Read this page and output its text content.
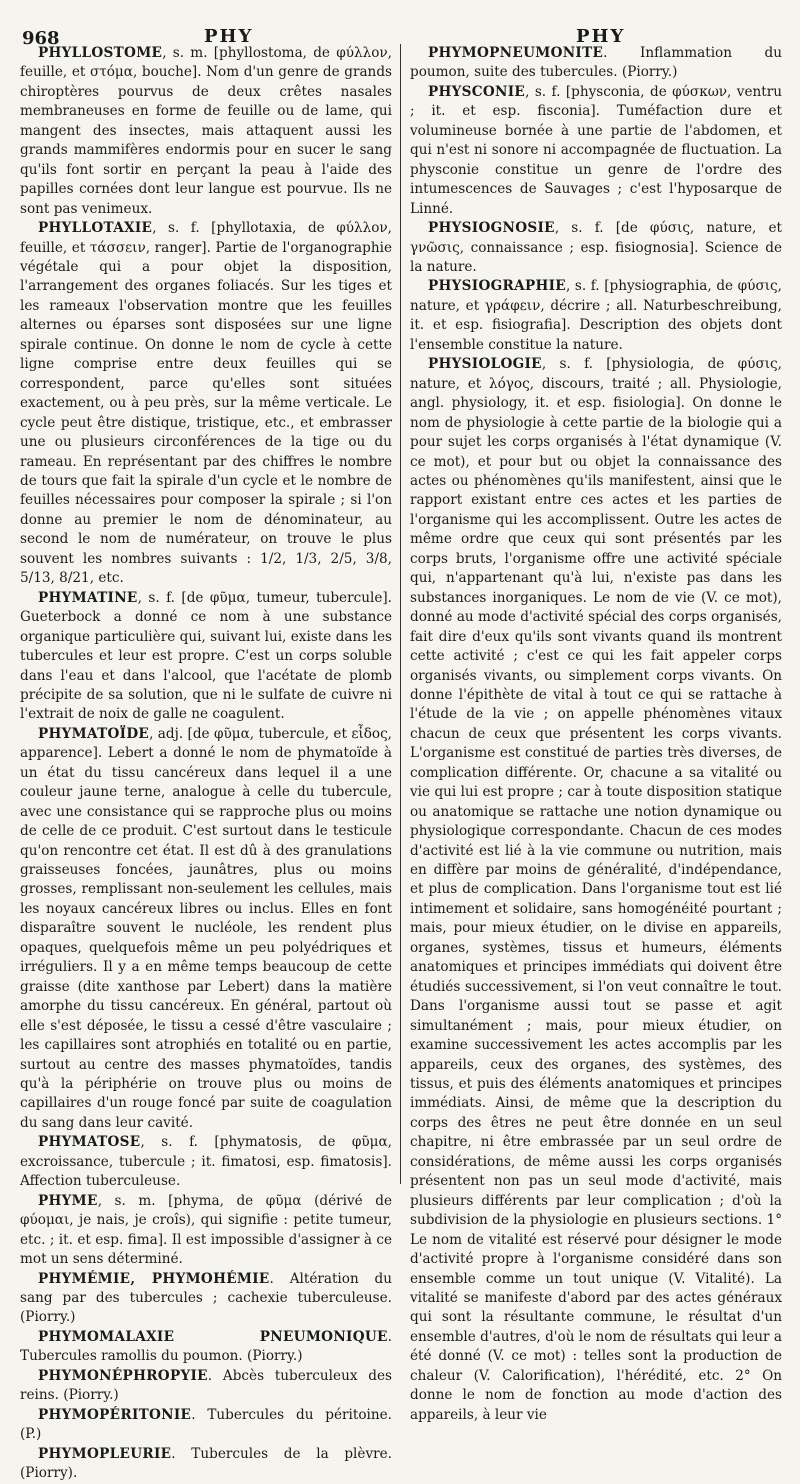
968	PHY	PHY

PHYLLOSTOME, s. m. [phyllostoma, de φύλλον, feuille, et στόμα, bouche]. Nom d'un genre de grands chiroptères pourvus de deux crêtes nasales membraneuses en forme de feuille ou de lame, qui mangent des insectes, mais attaquent aussi les grands mammifères endormis pour en sucer le sang qu'ils font sortir en perçant la peau à l'aide des papilles cornées dont leur langue est pourvue. Ils ne sont pas venimeux.

PHYLLOTAXIE, s. f. [phyllotaxia, de φύλλον, feuille, et τάσσειν, ranger]. Partie de l'organographie végétale qui a pour objet la disposition, l'arrangement des organes foliacés. Sur les tiges et les rameaux l'observation montre que les feuilles alternes ou éparses sont disposées sur une ligne spirale continue. On donne le nom de cycle à cette ligne comprise entre deux feuilles qui se correspondent, parce qu'elles sont situées exactement, ou à peu près, sur la même verticale. Le cycle peut être distique, tristique, etc., et embrasser une ou plusieurs circonférences de la tige ou du rameau. En représentant par des chiffres le nombre de tours que fait la spirale d'un cycle et le nombre de feuilles nécessaires pour composer la spirale ; si l'on donne au premier le nom de dénominateur, au second le nom de numérateur, on trouve le plus souvent les nombres suivants : 1/2, 1/3, 2/5, 3/8, 5/13, 8/21, etc.

PHYMATINE, s. f. [de φῦμα, tumeur, tubercule]. Gueterbock a donné ce nom à une substance organique particulière qui, suivant lui, existe dans les tubercules et leur est propre. C'est un corps soluble dans l'eau et dans l'alcool, que l'acétate de plomb précipite de sa solution, que ni le sulfate de cuivre ni l'extrait de noix de galle ne coagulent.

PHYMATOÏDE, adj. [de φῦμα, tubercule, et εἶδος, apparence]. Lebert a donné le nom de phymatoïde à un état du tissu cancéreux dans lequel il a une couleur jaune terne, analogue à celle du tubercule, avec une consistance qui se rapproche plus ou moins de celle de ce produit. C'est surtout dans le testicule qu'on rencontre cet état. Il est dû à des granulations graisseuses foncées, jaunâtres, plus ou moins grosses, remplissant non-seulement les cellules, mais les noyaux cancéreux libres ou inclus. Elles en font disparaître souvent le nucléole, les rendent plus opaques, quelquefois même un peu polyédriques et irréguliers. Il y a en même temps beaucoup de cette graisse (dite xanthose par Lebert) dans la matière amorphe du tissu cancéreux. En général, partout où elle s'est déposée, le tissu a cessé d'être vasculaire ; les capillaires sont atrophiés en totalité ou en partie, surtout au centre des masses phymatoïdes, tandis qu'à la périphérie on trouve plus ou moins de capillaires d'un rouge foncé par suite de coagulation du sang dans leur cavité.

PHYMATOSE, s. f. [phymatosis, de φῦμα, excroissance, tubercule ; it. fimatosi, esp. fimatosis]. Affection tuberculeuse.

PHYME, s. m. [phyma, de φῦμα (dérivé de φύομαι, je nais, je croîs), qui signifie : petite tumeur, etc. ; it. et esp. fima]. Il est impossible d'assigner à ce mot un sens déterminé.

PHYMÉMIE, PHYMOHÉMIE. Altération du sang par des tubercules ; cachexie tuberculeuse. (Piorry.)

PHYMOMALAXIE PNEUMONIQUE. Tubercules ramollis du poumon. (Piorry.)

PHYMONÉPHROPYIE. Abcès tuberculeux des reins. (Piorry.)

PHYMOPÉRITONIE. Tubercules du péritoine. (P.)

PHYMOPLEURIE. Tubercules de la plèvre. (Piorry).

PHYMOPNEUMONITE. Inflammation du poumon, suite des tubercules. (Piorry.)

PHYSCONIE, s. f. [physconia, de φύσκων, ventru ; it. et esp. fisconia]. Tuméfaction dure et volumineuse bornée à une partie de l'abdomen, et qui n'est ni sonore ni accompagnée de fluctuation. La physconie constitue un genre de l'ordre des intumescences de Sauvages ; c'est l'hyposarque de Linné.

PHYSIOGNOSIE, s. f. [de φύσις, nature, et γνῶσις, connaissance ; esp. fisiognosia]. Science de la nature.

PHYSIOGRAPHIE, s. f. [physiographia, de φύσις, nature, et γράφειν, décrire ; all. Naturbeschreibung, it. et esp. fisiografia]. Description des objets dont l'ensemble constitue la nature.

PHYSIOLOGIE, s. f. [physiologia, de φύσις, nature, et λόγος, discours, traité ; all. Physiologie, angl. physiology, it. et esp. fisiologia]. On donne le nom de physiologie à cette partie de la biologie qui a pour sujet les corps organisés à l'état dynamique (V. ce mot), et pour but ou objet la connaissance des actes ou phénomènes qu'ils manifestent, ainsi que le rapport existant entre ces actes et les parties de l'organisme qui les accomplissent. Outre les actes de même ordre que ceux qui sont présentés par les corps bruts, l'organisme offre une activité spéciale qui, n'appartenant qu'à lui, n'existe pas dans les substances inorganiques. Le nom de vie (V. ce mot), donné au mode d'activité spécial des corps organisés, fait dire d'eux qu'ils sont vivants quand ils montrent cette activité ; c'est ce qui les fait appeler corps organisés vivants, ou simplement corps vivants. On donne l'épithète de vital à tout ce qui se rattache à l'étude de la vie ; on appelle phénomènes vitaux chacun de ceux que présentent les corps vivants. L'organisme est constitué de parties très diverses, de complication différente. Or, chacune a sa vitalité ou vie qui lui est propre ; car à toute disposition statique ou anatomique se rattache une notion dynamique ou physiologique correspondante. Chacun de ces modes d'activité est lié à la vie commune ou nutrition, mais en diffère par moins de généralité, d'indépendance, et plus de complication. Dans l'organisme tout est lié intimement et solidaire, sans homogénéité pourtant ; mais, pour mieux étudier, on le divise en appareils, organes, systèmes, tissus et humeurs, éléments anatomiques et principes immédiats qui doivent être étudiés successivement, si l'on veut connaître le tout. Dans l'organisme aussi tout se passe et agit simultanément ; mais, pour mieux étudier, on examine successivement les actes accomplis par les appareils, ceux des organes, des systèmes, des tissus, et puis des éléments anatomiques et principes immédiats. Ainsi, de même que la description du corps des êtres ne peut être donnée en un seul chapitre, ni être embrassée par un seul ordre de considérations, de même aussi les corps organisés présentent non pas un seul mode d'activité, mais plusieurs différents par leur complication ; d'où la subdivision de la physiologie en plusieurs sections. 1° Le nom de vitalité est réservé pour désigner le mode d'activité propre à l'organisme considéré dans son ensemble comme un tout unique (V. Vitalité). La vitalité se manifeste d'abord par des actes généraux qui sont la résultante commune, le résultat d'un ensemble d'autres, d'où le nom de résultats qui leur a été donné (V. ce mot) : telles sont la production de chaleur (V. Calorification), l'hérédité, etc. 2° On donne le nom de fonction au mode d'action des appareils, à leur vie
